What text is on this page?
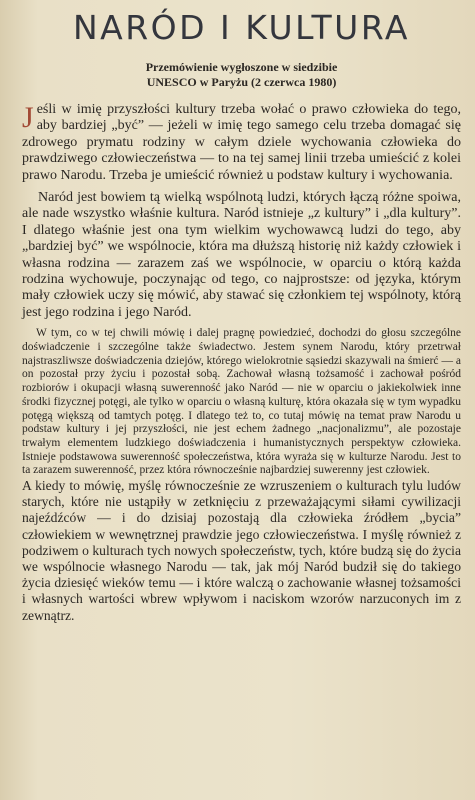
NARÓD I KULTURA
Przemówienie wygłoszone w siedzibie
UNESCO w Paryżu (2 czerwca 1980)

Jeśli w imię przyszłości kultury trzeba wołać o prawo człowieka do tego, aby bardziej „być” — jeżeli w imię tego samego celu trzeba domagać się zdrowego prymatu rodziny w całym dziele wychowania człowieka do prawdziwego człowieczeństwa — to na tej samej linii trzeba umieścić z kolei prawo Narodu. Trzeba je umieścić również u podstaw kultury i wychowania.

Naród jest bowiem tą wielką wspólnotą ludzi, których łączą różne spoiwa, ale nade wszystko właśnie kultura. Naród istnieje „z kultury” i „dla kultury”. I dlatego właśnie jest ona tym wielkim wychowawcą ludzi do tego, aby „bardziej być” we wspólnocie, która ma dłuższą historię niż każdy człowiek i własna rodzina — zarazem zaś we wspólnocie, w oparciu o którą każda rodzina wychowuje, poczynając od tego, co najprostsze: od języka, którym mały człowiek uczy się mówić, aby stawać się członkiem tej wspólnoty, którą jest jego rodzina i jego Naród.

W tym, co w tej chwili mówię i dalej pragnę powiedzieć, dochodzi do głosu szczególne doświadczenie i szczególne także świadectwo. Jestem synem Narodu, który przetrwał najstraszliwsze doświadczenia dziejów, którego wielokrotnie sąsiedzi skazywali na śmierć — a on pozostał przy życiu i pozostał sobą. Zachował własną tożsamość i zachował pośród rozbiorów i okupacji własną suwerenność jako Naród — nie w oparciu o jakiekolwiek inne środki fizycznej potęgi, ale tylko w oparciu o własną kulturę, która okazała się w tym wypadku potęgą większą od tamtych potęg. I dlatego też to, co tutaj mówię na temat praw Narodu u podstaw kultury i jej przyszłości, nie jest echem żadnego „nacjonalizmu”, ale pozostaje trwałym elementem ludzkiego doświadczenia i humanistycznych perspektyw człowieka. Istnieje podstawowa suwerenność społeczeństwa, która wyraża się w kulturze Narodu. Jest to ta zarazem suwerenność, przez która równocześnie najbardziej suwerenny jest człowiek.

A kiedy to mówię, myślę równocześnie ze wzruszeniem o kulturach tylu ludów starych, które nie ustąpiły w zetknięciu z przeważającymi siłami cywilizacji najeźdźców — i do dzisiaj pozostają dla człowieka źródłem „bycia” człowiekiem w wewnętrznej prawdzie jego człowieczeństwa. I myślę również z podziwem o kulturach tych nowych społeczeństw, tych, które budzą się do życia we wspólnocie własnego Narodu — tak, jak mój Naród budził się do takiego życia dziesięć wieków temu — i które walczą o zachowanie własnej tożsamości i własnych wartości wbrew wpływom i naciskom wzorów narzuconych im z zewnątrz.
